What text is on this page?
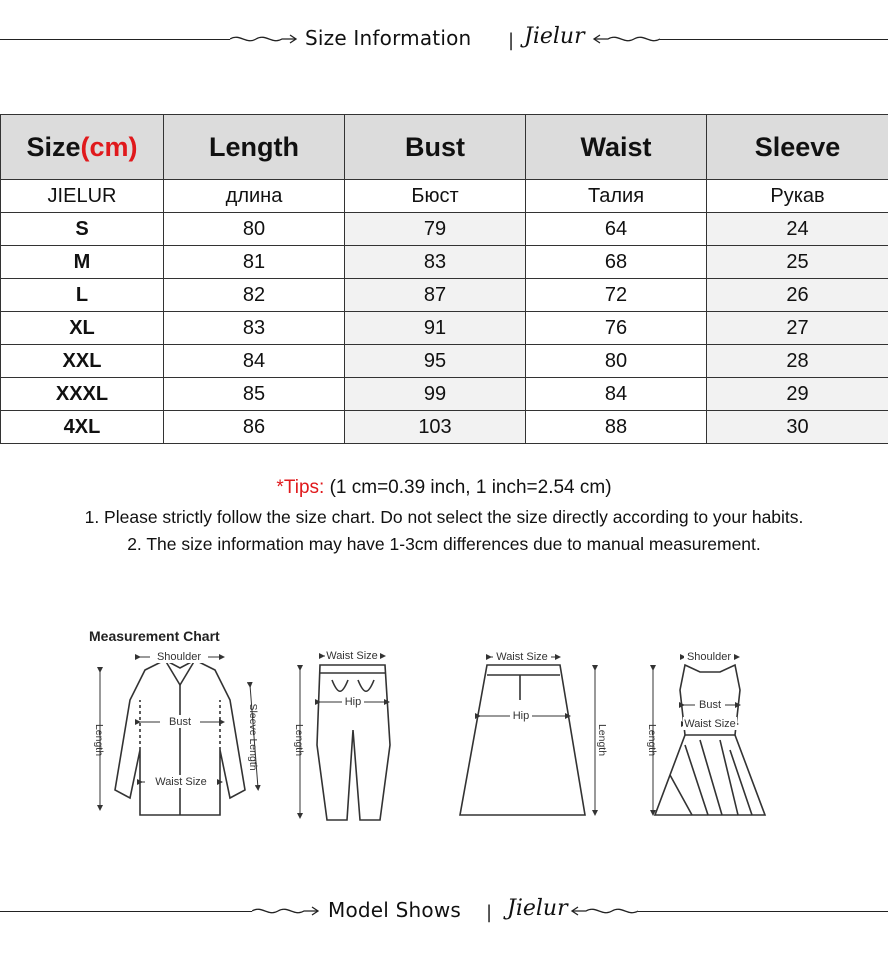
Size Information | Jielur
Size(cm)	Length	Bust	Waist	Sleeve
JIELUR	длина	Бюст	Талия	Рукав
S	80	79	64	24
M	81	83	68	25
L	82	87	72	26
XL	83	91	76	27
XXL	84	95	80	28
XXXL	85	99	84	29
4XL	86	103	88	30
*Tips: (1 cm=0.39 inch, 1 inch=2.54 cm)
1. Please strictly follow the size chart. Do not select the size directly according to your habits.
2. The size information may have 1-3cm differences due to manual measurement.
Measurement Chart
Shoulder
Bust
Waist Size
Length	Sleeve Length
Waist Size
Hip
Length
Waist Size
Hip
Length
Shoulder
Bust
Waist Size
Length
Model Shows | Jielur
